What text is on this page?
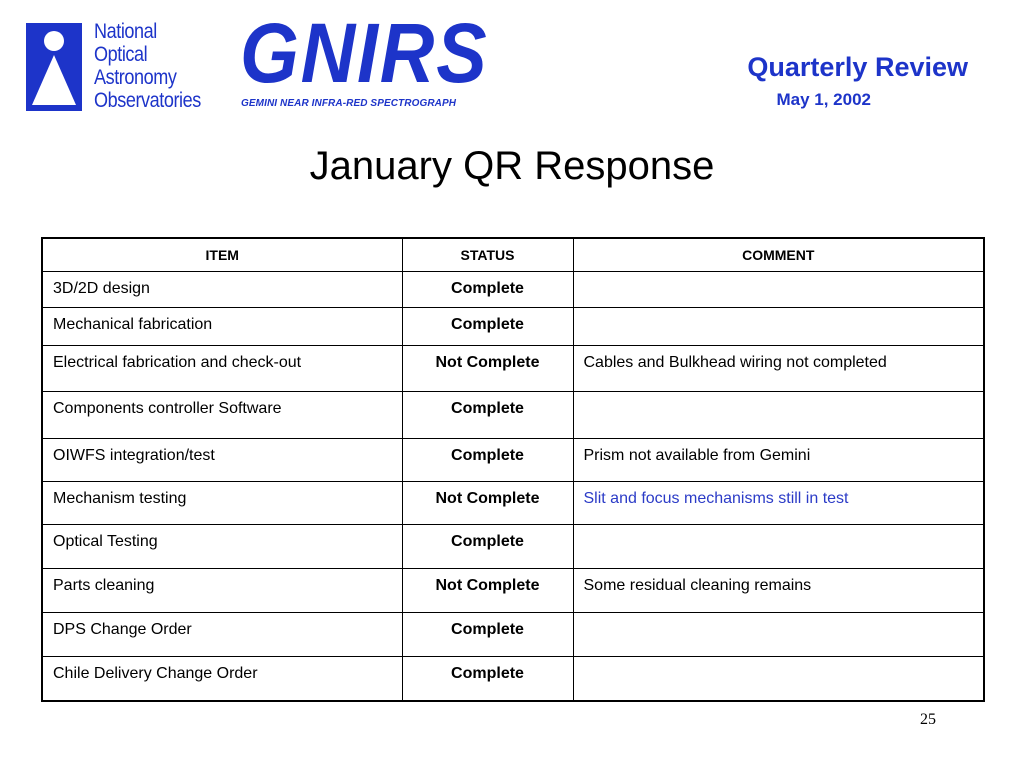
National
Optical
Astronomy
Observatories
GNIRS
GEMINI NEAR INFRA-RED SPECTROGRAPH
Quarterly Review
May 1, 2002
January QR Response
ITEM	STATUS	COMMENT
3D/2D design	Complete	
Mechanical fabrication	Complete	
Electrical fabrication and check-out	Not Complete	Cables and Bulkhead wiring not completed
Components controller Software	Complete	
OIWFS integration/test	Complete	Prism not available from Gemini
Mechanism testing	Not Complete	Slit and focus mechanisms still in test
Optical Testing	Complete	
Parts cleaning	Not Complete	Some residual cleaning remains
DPS Change Order	Complete	
Chile Delivery Change Order	Complete	
25
